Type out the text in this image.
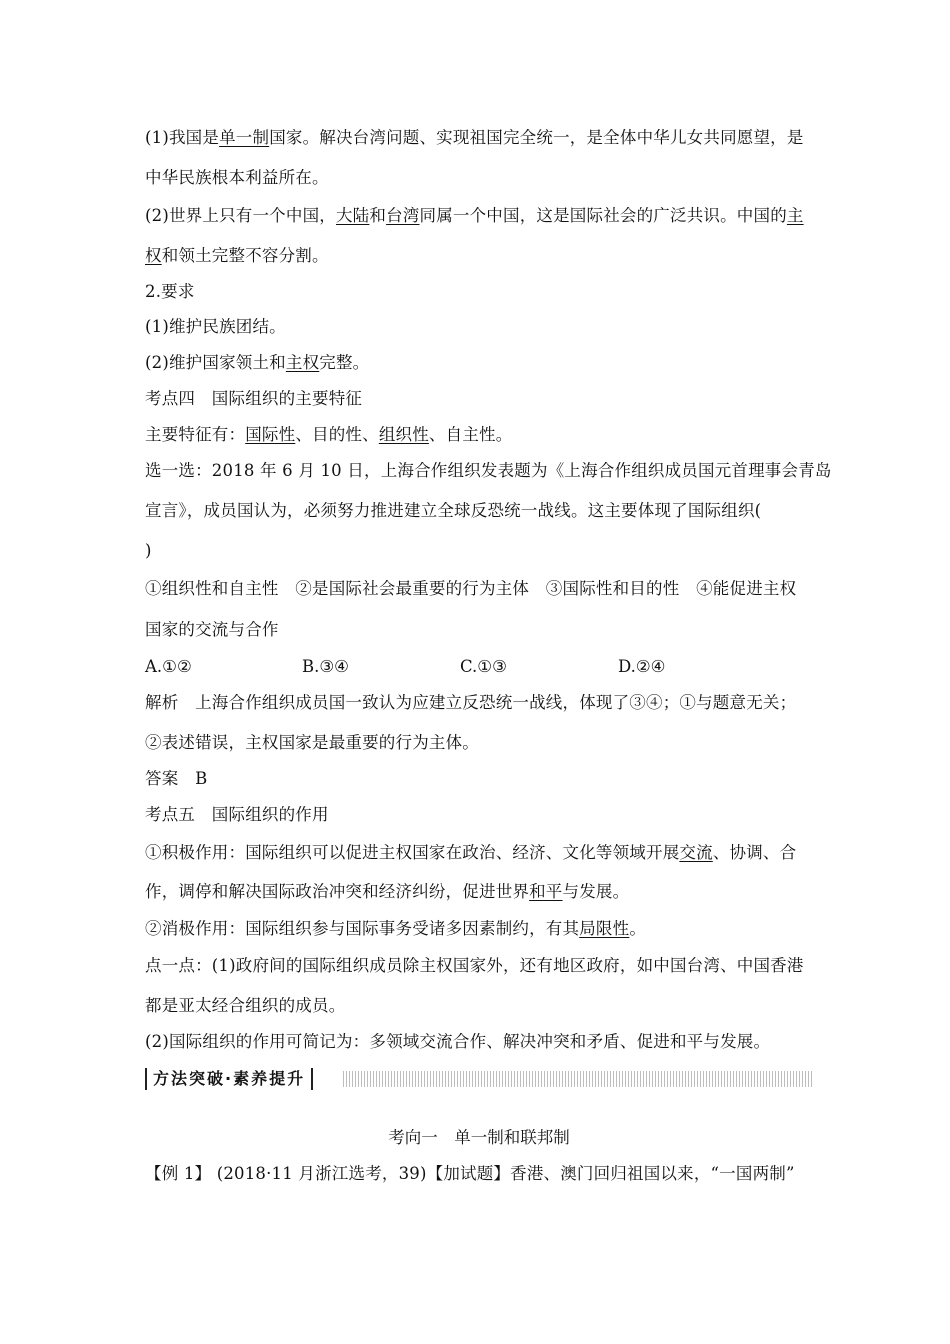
(1)我国是单一制国家。解决台湾问题、实现祖国完全统一，是全体中华儿女共同愿望，是
中华民族根本利益所在。
(2)世界上只有一个中国，大陆和台湾同属一个中国，这是国际社会的广泛共识。中国的主
权和领土完整不容分割。
2.要求
(1)维护民族团结。
(2)维护国家领土和主权完整。
考点四　国际组织的主要特征
主要特征有：国际性、目的性、组织性、自主性。
选一选：2018 年 6 月 10 日，上海合作组织发表题为《上海合作组织成员国元首理事会青岛
宣言》，成员国认为，必须努力推进建立全球反恐统一战线。这主要体现了国际组织(
)
①组织性和自主性　②是国际社会最重要的行为主体　③国际性和目的性　④能促进主权
国家的交流与合作
A.①②	B.③④	C.①③	D.②④
解析　上海合作组织成员国一致认为应建立反恐统一战线，体现了③④；①与题意无关；
②表述错误，主权国家是最重要的行为主体。
答案　B
考点五　国际组织的作用
①积极作用：国际组织可以促进主权国家在政治、经济、文化等领域开展交流、协调、合
作，调停和解决国际政治冲突和经济纠纷，促进世界和平与发展。
②消极作用：国际组织参与国际事务受诸多因素制约，有其局限性。
点一点：(1)政府间的国际组织成员除主权国家外，还有地区政府，如中国台湾、中国香港
都是亚太经合组织的成员。
(2)国际组织的作用可简记为：多领域交流合作、解决冲突和矛盾、促进和平与发展。
方法突破·素养提升
考向一　单一制和联邦制
【例 1】 (2018·11 月浙江选考，39)【加试题】香港、澳门回归祖国以来，“一国两制”
